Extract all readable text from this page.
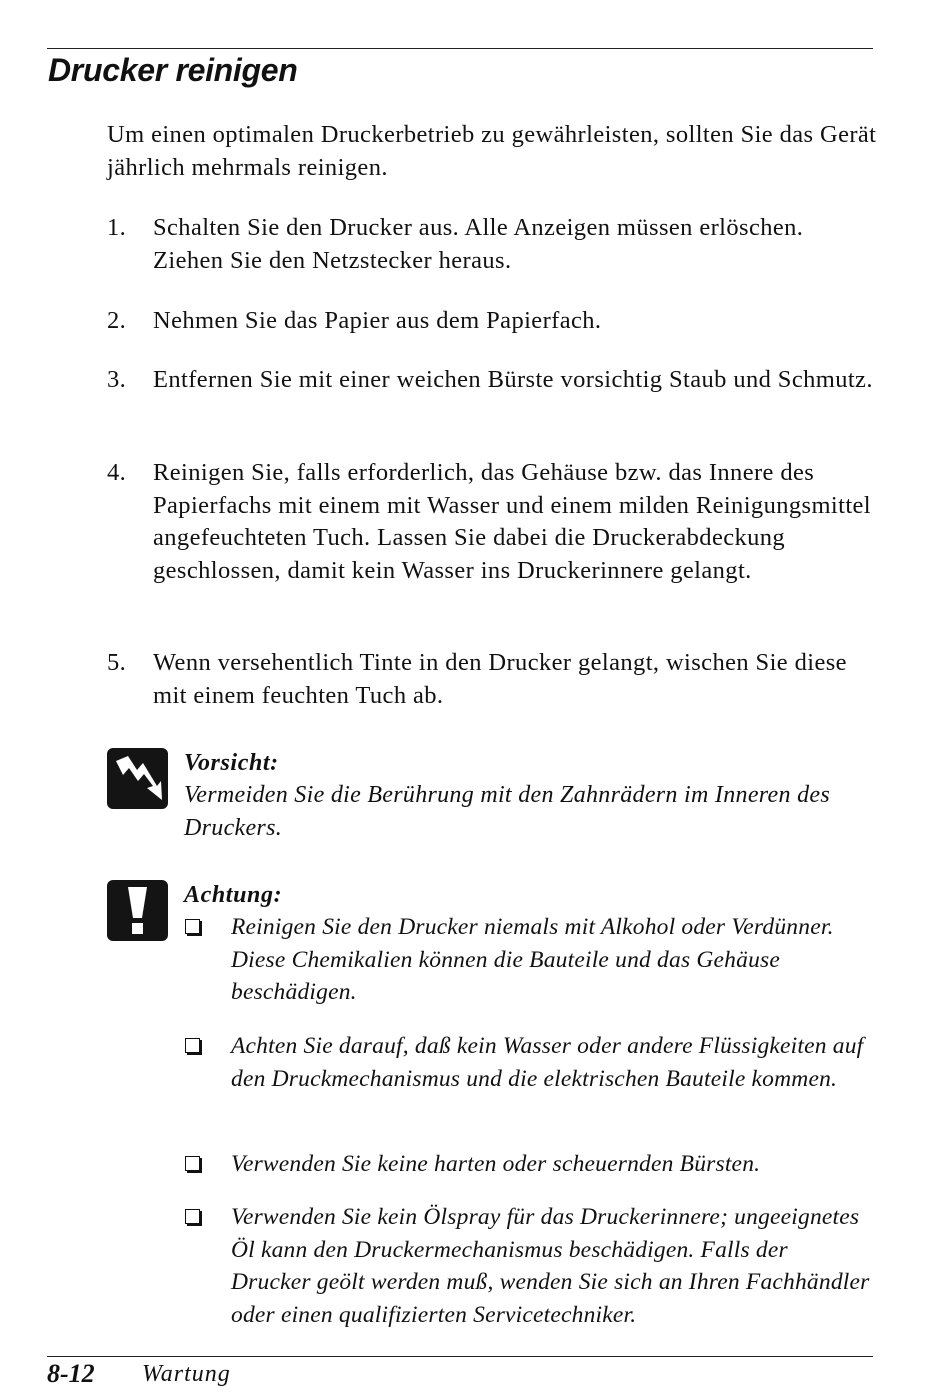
Drucker reinigen

Um einen optimalen Druckerbetrieb zu gewährleisten, sollten Sie das Gerät jährlich mehrmals reinigen.

1. Schalten Sie den Drucker aus. Alle Anzeigen müssen erlöschen. Ziehen Sie den Netzstecker heraus.
2. Nehmen Sie das Papier aus dem Papierfach.
3. Entfernen Sie mit einer weichen Bürste vorsichtig Staub und Schmutz.
4. Reinigen Sie, falls erforderlich, das Gehäuse bzw. das Innere des Papierfachs mit einem mit Wasser und einem milden Reinigungsmittel angefeuchteten Tuch. Lassen Sie dabei die Druckerabdeckung geschlossen, damit kein Wasser ins Druckerinnere gelangt.
5. Wenn versehentlich Tinte in den Drucker gelangt, wischen Sie diese mit einem feuchten Tuch ab.
Vorsicht:
Vermeiden Sie die Berührung mit den Zahnrädern im Inneren des Druckers.
Achtung:
Reinigen Sie den Drucker niemals mit Alkohol oder Verdünner. Diese Chemikalien können die Bauteile und das Gehäuse beschädigen.
Achten Sie darauf, daß kein Wasser oder andere Flüssigkeiten auf den Druckmechanismus und die elektrischen Bauteile kommen.
Verwenden Sie keine harten oder scheuernden Bürsten.
Verwenden Sie kein Ölspray für das Druckerinnere; ungeeignetes Öl kann den Druckermechanismus beschädigen. Falls der Drucker geölt werden muß, wenden Sie sich an Ihren Fachhändler oder einen qualifizierten Servicetechniker.
8-12 Wartung
